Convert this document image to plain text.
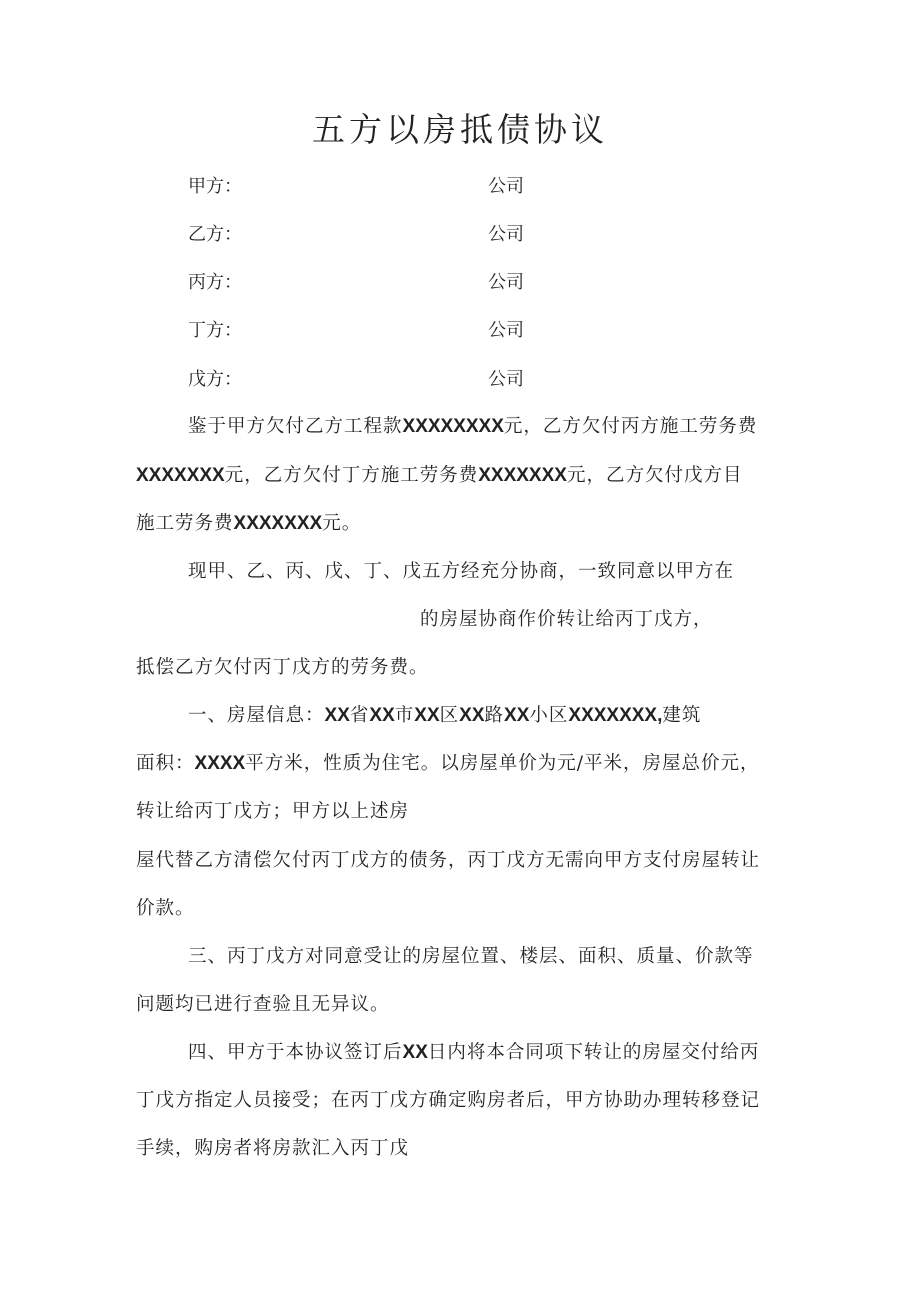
五方以房抵债协议
甲方：	公司
乙方：	公司
丙方：	公司
丁方：	公司
戊方：	公司
鉴于甲方欠付乙方工程款XXXXXXXX元，乙方欠付丙方施工劳务费
XXXXXXX元，乙方欠付丁方施工劳务费XXXXXXX元，乙方欠付戊方目
施工劳务费XXXXXXX元。
现甲、乙、丙、戊、丁、戊五方经充分协商，一致同意以甲方在
的房屋协商作价转让给丙丁戊方，
抵偿乙方欠付丙丁戊方的劳务费。
一、房屋信息：XX省XX市XX区XX路XX小区XXXXXXX,建筑
面积：XXXX平方米，性质为住宅。以房屋单价为元/平米，房屋总价元，
转让给丙丁戊方；甲方以上述房
屋代替乙方清偿欠付丙丁戊方的债务，丙丁戊方无需向甲方支付房屋转让
价款。
三、丙丁戊方对同意受让的房屋位置、楼层、面积、质量、价款等
问题均已进行查验且无异议。
四、甲方于本协议签订后XX日内将本合同项下转让的房屋交付给丙
丁戊方指定人员接受；在丙丁戊方确定购房者后，甲方协助办理转移登记
手续，购房者将房款汇入丙丁戊
